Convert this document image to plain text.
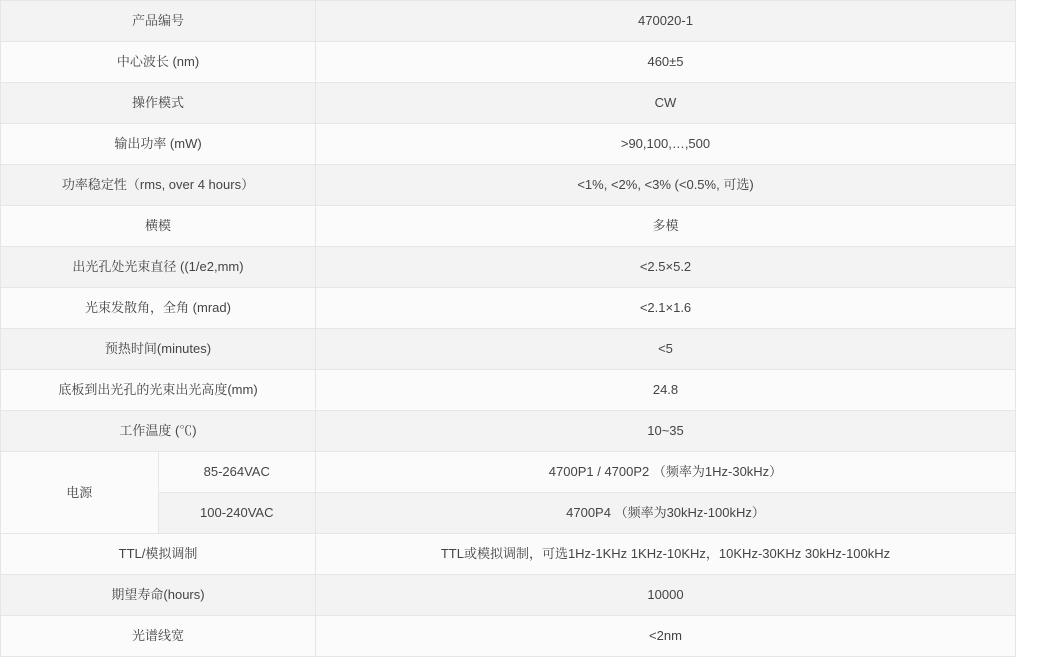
产品编号		470020-1
中心波长 (nm)		460±5
操作模式		CW
输出功率 (mW)		>90,100,…,500
功率稳定性（rms, over 4 hours）		<1%, <2%, <3% (<0.5%, 可选)
横模		多模
出光孔处光束直径 ((1/e2,mm)		<2.5×5.2
光束发散角，全角 (mrad)		<2.1×1.6
预热时间(minutes)		<5
底板到出光孔的光束出光高度(mm)		24.8
工作温度 (℃)		10~35
电源	85-264VAC	4700P1 / 4700P2 （频率为1Hz-30kHz）
	100-240VAC	4700P4 （频率为30kHz-100kHz）
TTL/模拟调制		TTL或模拟调制，可选1Hz-1KHz 1KHz-10KHz，10KHz-30KHz 30kHz-100kHz
期望寿命(hours)		10000
光谱线宽		<2nm
